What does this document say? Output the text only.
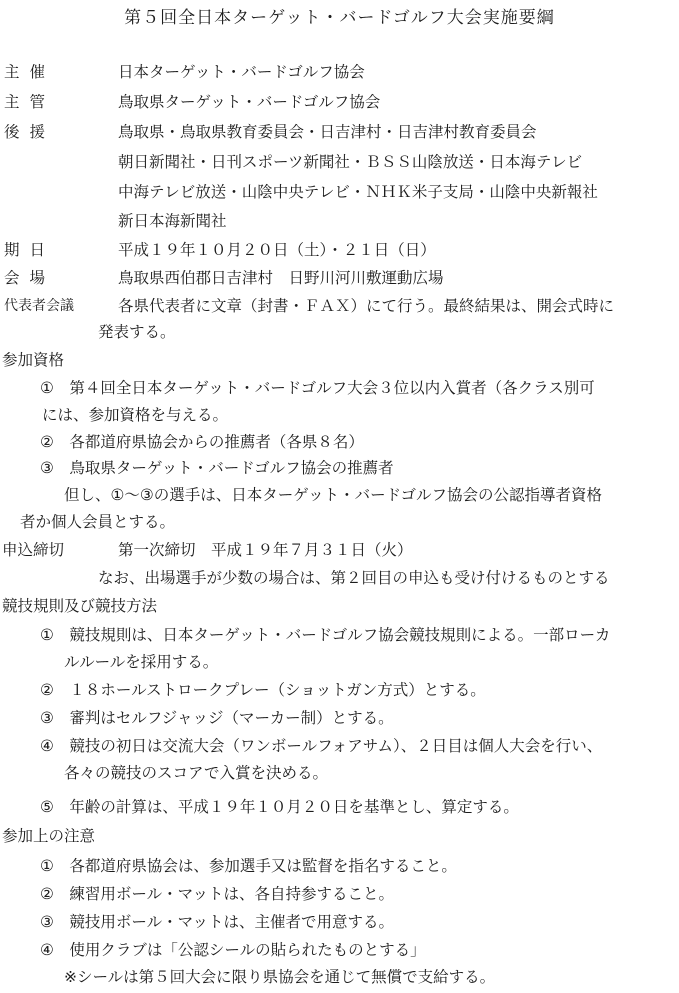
第５回全日本ターゲット・バードゴルフ大会実施要綱
主催	日本ターゲット・バードゴルフ協会
主管	鳥取県ターゲット・バードゴルフ協会
後援	鳥取県・鳥取県教育委員会・日吉津村・日吉津村教育委員会
朝日新聞社・日刊スポーツ新聞社・ＢＳＳ山陰放送・日本海テレビ
中海テレビ放送・山陰中央テレビ・ＮＨＫ米子支局・山陰中央新報社
新日本海新聞社
期日	平成１９年１０月２０日（土）・２１日（日）
会場	鳥取県西伯郡日吉津村　日野川河川敷運動広場
代表者会議	各県代表者に文章（封書・ＦＡＸ）にて行う。最終結果は、開会式時に
発表する。
参加資格
①　第４回全日本ターゲット・バードゴルフ大会３位以内入賞者（各クラス別可
には、参加資格を与える。
②　各都道府県協会からの推薦者（各県８名）
③　鳥取県ターゲット・バードゴルフ協会の推薦者
但し、①〜③の選手は、日本ターゲット・バードゴルフ協会の公認指導者資格
者か個人会員とする。
申込締切	第一次締切　平成１９年７月３１日（火）
なお、出場選手が少数の場合は、第２回目の申込も受け付けるものとする
競技規則及び競技方法
①　競技規則は、日本ターゲット・バードゴルフ協会競技規則による。一部ローカ
ルルールを採用する。
②　１８ホールストロークプレー（ショットガン方式）とする。
③　審判はセルフジャッジ（マーカー制）とする。
④　競技の初日は交流大会（ワンボールフォアサム）、２日目は個人大会を行い、
各々の競技のスコアで入賞を決める。
⑤　年齢の計算は、平成１９年１０月２０日を基準とし、算定する。
参加上の注意
①　各都道府県協会は、参加選手又は監督を指名すること。
②　練習用ボール・マットは、各自持参すること。
③　競技用ボール・マットは、主催者で用意する。
④　使用クラブは「公認シールの貼られたものとする」
※シールは第５回大会に限り県協会を通じて無償で支給する。
